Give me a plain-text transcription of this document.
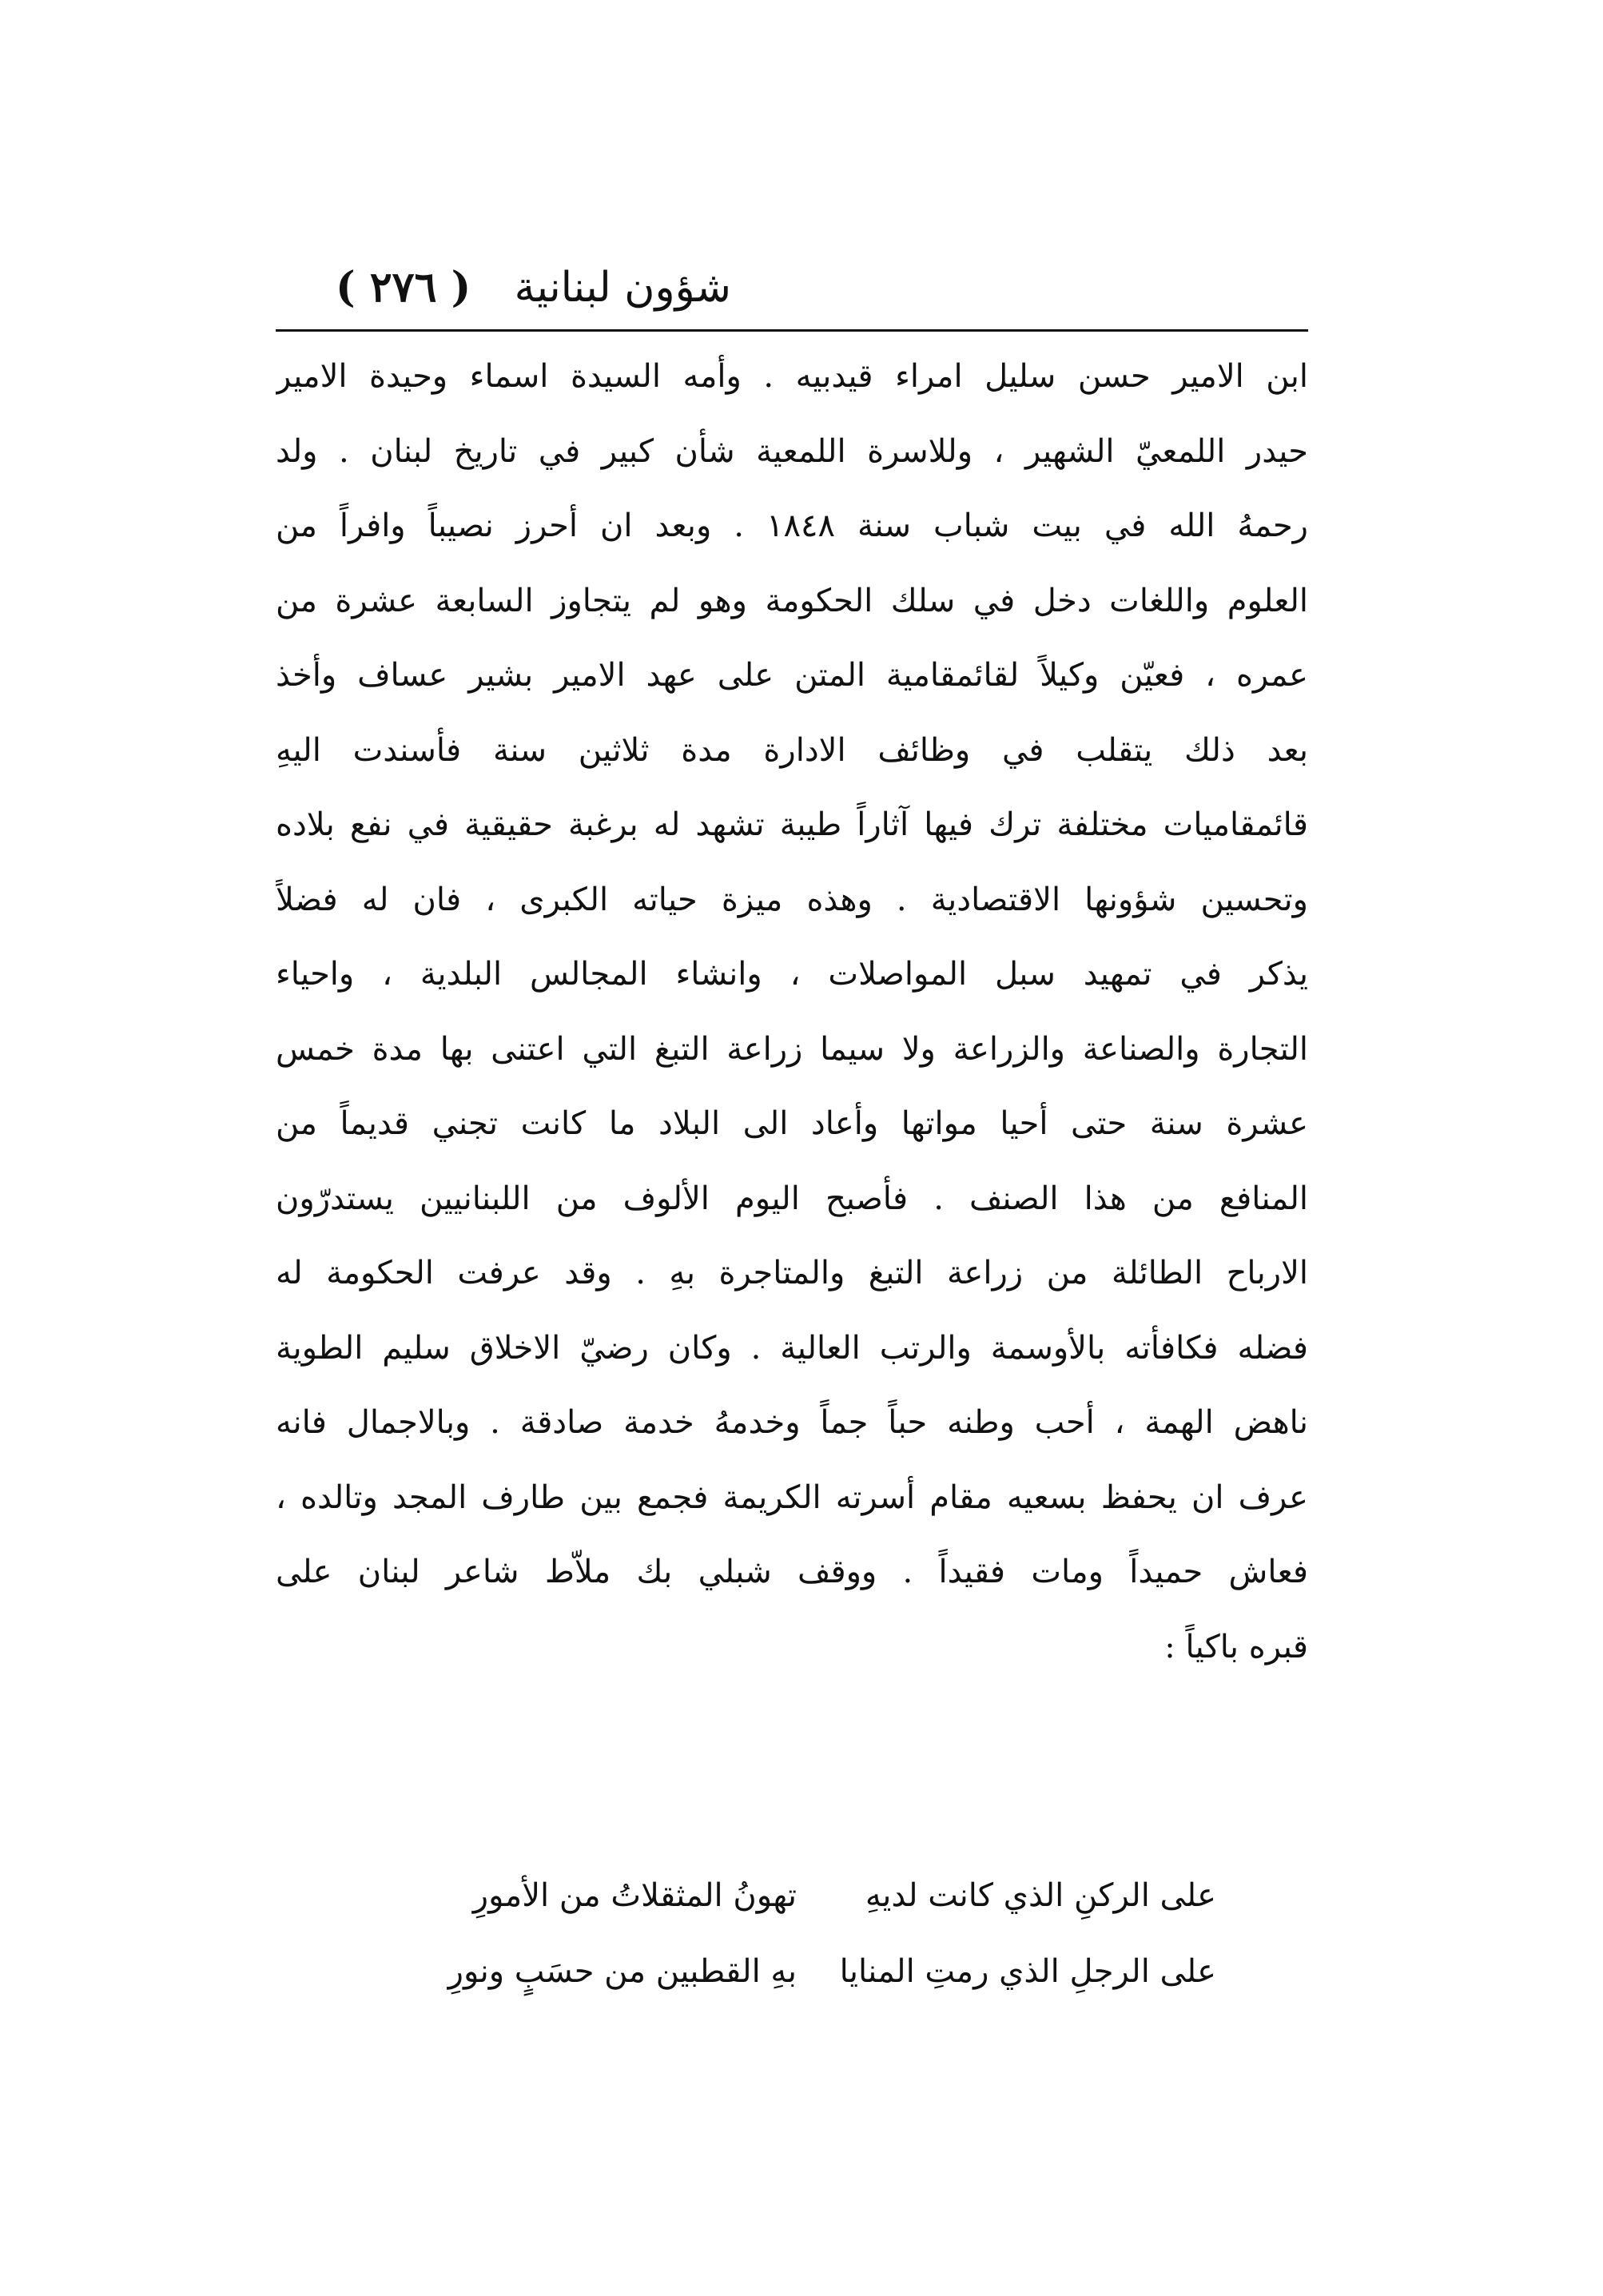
شؤون لبنانية
( ٢٧٦ )
ابن الامير حسن سليل امراء قيدبيه . وأمه السيدة اسماء وحيدة الامير
حيدر اللمعيّ الشهير ، وللاسرة اللمعية شأن كبير في تاريخ لبنان . ولد
رحمهُ الله في بيت شباب سنة ١٨٤٨ . وبعد ان أحرز نصيباً وافراً من
العلوم واللغات دخل في سلك الحكومة وهو لم يتجاوز السابعة عشرة من
عمره ، فعيّن وكيلاً لقائمقامية المتن على عهد الامير بشير عساف وأخذ
بعد ذلك يتقلب في وظائف الادارة مدة ثلاثين سنة فأسندت اليهِ
قائمقاميات مختلفة ترك فيها آثاراً طيبة تشهد له برغبة حقيقية في نفع بلاده
وتحسين شؤونها الاقتصادية . وهذه ميزة حياته الكبرى ، فان له فضلاً
يذكر في تمهيد سبل المواصلات ، وانشاء المجالس البلدية ، واحياء
التجارة والصناعة والزراعة ولا سيما زراعة التبغ التي اعتنى بها مدة خمس
عشرة سنة حتى أحيا مواتها وأعاد الى البلاد ما كانت تجني قديماً من
المنافع من هذا الصنف . فأصبح اليوم الألوف من اللبنانيين يستدرّون
الارباح الطائلة من زراعة التبغ والمتاجرة بهِ . وقد عرفت الحكومة له
فضله فكافأته بالأوسمة والرتب العالية . وكان رضيّ الاخلاق سليم الطوية
ناهض الهمة ، أحب وطنه حباً جماً وخدمهُ خدمة صادقة . وبالاجمال فانه
عرف ان يحفظ بسعيه مقام أسرته الكريمة فجمع بين طارف المجد وتالده ،
فعاش حميداً ومات فقيداً . ووقف شبلي بك ملاّط شاعر لبنان على
قبره باكياً :
على الركنِ الذي كانت لديهِ
تهونُ المثقلاتُ من الأمورِ
على الرجلِ الذي رمتِ المنايا
بهِ القطبين من حسَبٍ ونورِ
